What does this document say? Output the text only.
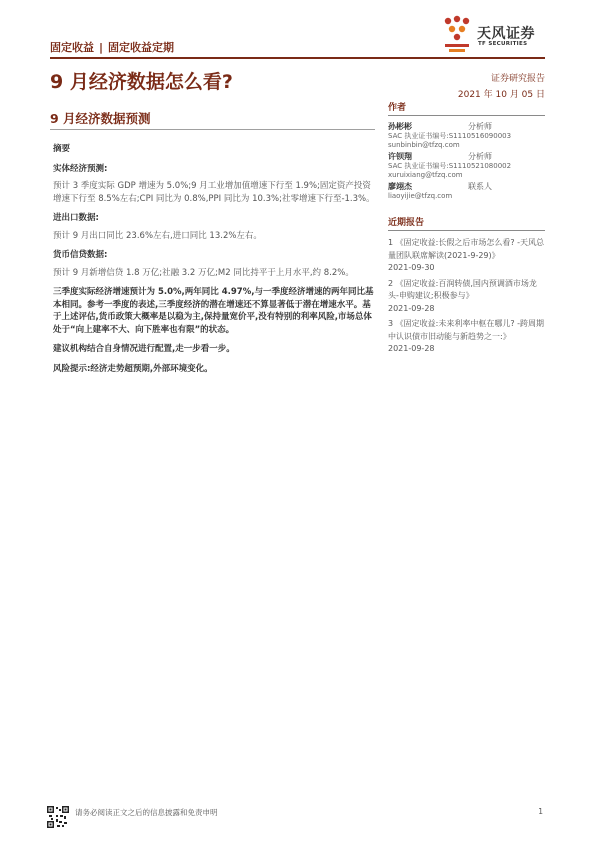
固定收益 | 固定收益定期
天风证券
TF SECURITIES
9 月经济数据怎么看?	证券研究报告
2021 年 10 月 05 日
9 月经济数据预测
摘要
实体经济预测:
预计 3 季度实际 GDP 增速为 5.0%;9 月工业增加值增速下行至 1.9%;固定资产投资增速下行至 8.5%左右;CPI 同比为 0.8%,PPI 同比为 10.3%;社零增速下行至-1.3%。
进出口数据:
预计 9 月出口同比 23.6%左右,进口同比 13.2%左右。
货币信贷数据:
预计 9 月新增信贷 1.8 万亿;社融 3.2 万亿;M2 同比持平于上月水平,约 8.2%。
三季度实际经济增速预计为 5.0%,两年同比 4.97%,与一季度经济增速的两年同比基本相同。参考一季度的表述,三季度经济的潜在增速还不算显著低于潜在增速水平。基于上述评估,货币政策大概率是以稳为主,保持量宽价平,没有特别的利率风险,市场总体处于“向上建率不大、向下胜率也有限”的状态。
建议机构结合自身情况进行配置,走一步看一步。
风险提示:经济走势超预期,外部环境变化。
作者
孙彬彬	分析师
SAC 执业证书编号:S1110516090003
sunbinbin@tfzq.com
许钡翔	分析师
SAC 执业证书编号:S1110521080002
xuruixiang@tfzq.com
廖翊杰	联系人
liaoyijie@tfzq.com
近期报告
1 《固定收益:长假之后市场怎么看? -天风总量团队联席解读(2021-9-29)》
2021-09-30
2 《固定收益:百润转债,国内预调酒市场龙头-申购建议;积极参与》
2021-09-28
3 《固定收益:未来利率中枢在哪儿? -跨周期中认识债市旧动能与新趋势之一:》
2021-09-28
请务必阅读正文之后的信息披露和免责申明	1
